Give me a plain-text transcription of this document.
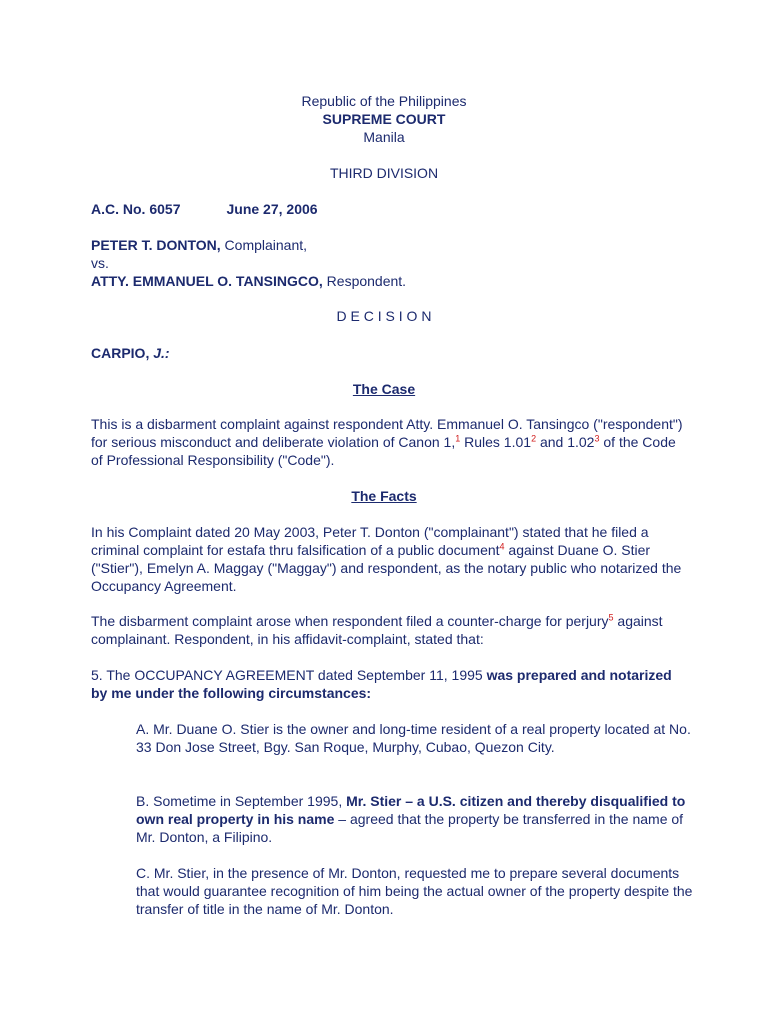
Republic of the Philippines
SUPREME COURT
Manila
THIRD DIVISION
A.C. No. 6057	June 27, 2006
PETER T. DONTON, Complainant,
vs.
ATTY. EMMANUEL O. TANSINGCO, Respondent.
D E C I S I O N
CARPIO, J.:
The Case
This is a disbarment complaint against respondent Atty. Emmanuel O. Tansingco ("respondent") for serious misconduct and deliberate violation of Canon 1,$^1$ Rules 1.01$^2$ and 1.02$^3$ of the Code of Professional Responsibility ("Code").
The Facts
In his Complaint dated 20 May 2003, Peter T. Donton ("complainant") stated that he filed a criminal complaint for estafa thru falsification of a public document$^4$ against Duane O. Stier ("Stier"), Emelyn A. Maggay ("Maggay") and respondent, as the notary public who notarized the Occupancy Agreement.
The disbarment complaint arose when respondent filed a counter-charge for perjury$^5$ against complainant. Respondent, in his affidavit-complaint, stated that:
5. The OCCUPANCY AGREEMENT dated September 11, 1995 was prepared and notarized by me under the following circumstances:
A. Mr. Duane O. Stier is the owner and long-time resident of a real property located at No. 33 Don Jose Street, Bgy. San Roque, Murphy, Cubao, Quezon City.
B. Sometime in September 1995, Mr. Stier – a U.S. citizen and thereby disqualified to own real property in his name – agreed that the property be transferred in the name of Mr. Donton, a Filipino.
C. Mr. Stier, in the presence of Mr. Donton, requested me to prepare several documents that would guarantee recognition of him being the actual owner of the property despite the transfer of title in the name of Mr. Donton.
